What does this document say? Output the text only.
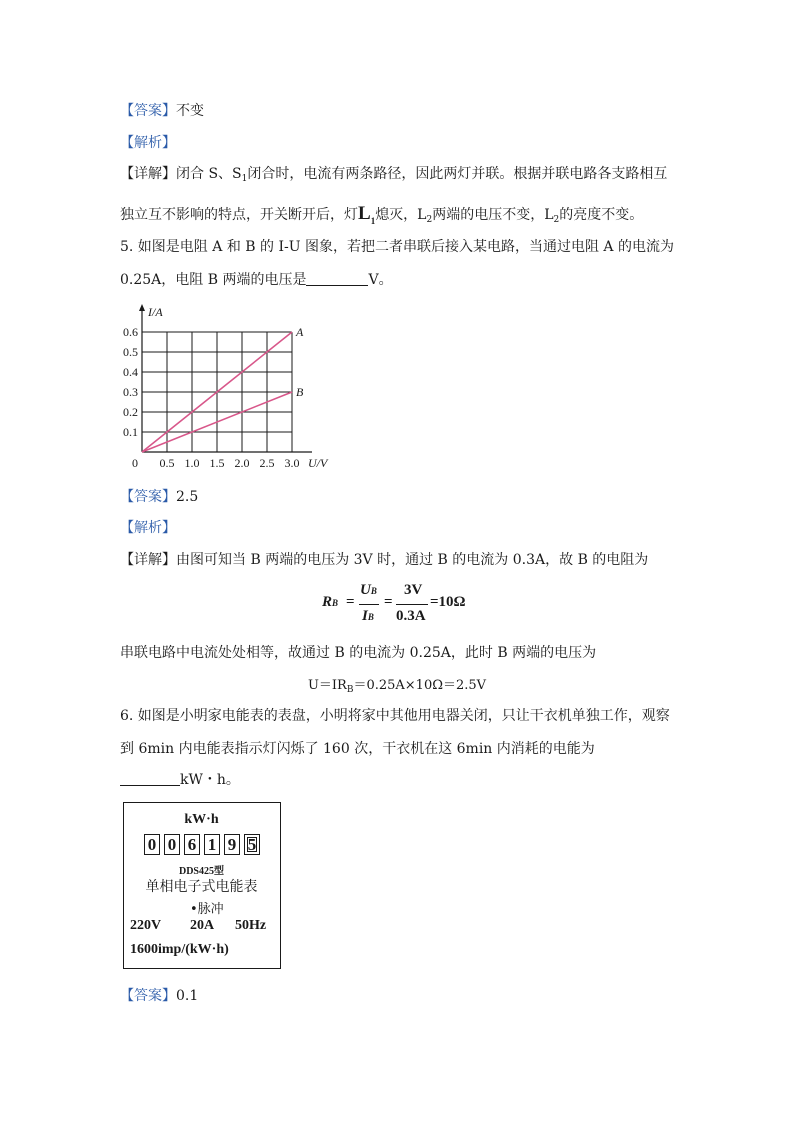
【答案】不变
【解析】
【详解】闭合 S、$S_1$闭合时，电流有两条路径，因此两灯并联。根据并联电路各支路相互
独立互不影响的特点，开关断开后，灯$L_1$熄灭，$L_2$两端的电压不变，$L_2$的亮度不变。
5. 如图是电阻 A 和 B 的 I-U 图象，若把二者串联后接入某电路，当通过电阻 A 的电流为
0.25A，电阻 B 两端的电压是	V。
0.5 1.0 1.5 2.0 2.5 3.0
0.1
0.2
0.3
0.4
0.5
0.6
I/A
U/V
0
A
B
【答案】2.5
【解析】
【详解】由图可知当 B 两端的电压为 3V 时，通过 B 的电流为 0.3A，故 B 的电阻为
RB =
UB
IB
=
3V
0.3A
=10Ω
串联电路中电流处处相等，故通过 B 的电流为 0.25A，此时 B 两端的电压为
$U=IR_B=0.25A\times 10\Omega=2.5V$
6. 如图是小明家电能表的表盘，小明将家中其他用电器关闭，只让干衣机单独工作，观察
到 6min 内电能表指示灯闪烁了 160 次，干衣机在这 6min 内消耗的电能为
kW・h。
kW·h
0 0 6 1 9 5
DDS425型
单相电子式电能表
•脉冲
220V 20A 50Hz
1600imp/(kW·h)
【答案】0.1
